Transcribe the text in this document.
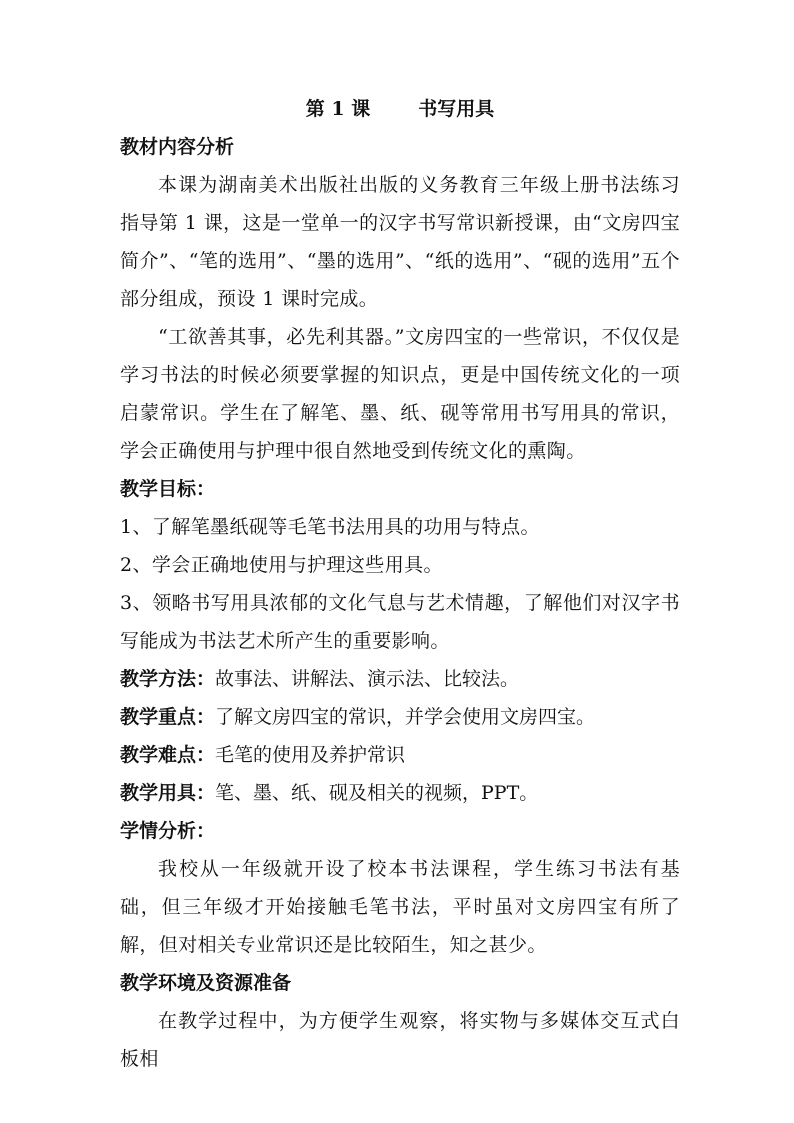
第 1 课	书写用具

教材内容分析

本课为湖南美术出版社出版的义务教育三年级上册书法练习指导第 1 课，这是一堂单一的汉字书写常识新授课，由“文房四宝简介”、“笔的选用”、“墨的选用”、“纸的选用”、“砚的选用”五个部分组成，预设 1 课时完成。

“工欲善其事，必先利其器。”文房四宝的一些常识，不仅仅是学习书法的时候必须要掌握的知识点，更是中国传统文化的一项启蒙常识。学生在了解笔、墨、纸、砚等常用书写用具的常识，学会正确使用与护理中很自然地受到传统文化的熏陶。

教学目标：

1、了解笔墨纸砚等毛笔书法用具的功用与特点。

2、学会正确地使用与护理这些用具。

3、领略书写用具浓郁的文化气息与艺术情趣，了解他们对汉字书写能成为书法艺术所产生的重要影响。

教学方法：故事法、讲解法、演示法、比较法。

教学重点：了解文房四宝的常识，并学会使用文房四宝。

教学难点：毛笔的使用及养护常识

教学用具：笔、墨、纸、砚及相关的视频，PPT。

学情分析：

我校从一年级就开设了校本书法课程，学生练习书法有基础，但三年级才开始接触毛笔书法，平时虽对文房四宝有所了解，但对相关专业常识还是比较陌生，知之甚少。

教学环境及资源准备

在教学过程中，为方便学生观察，将实物与多媒体交互式白板相
